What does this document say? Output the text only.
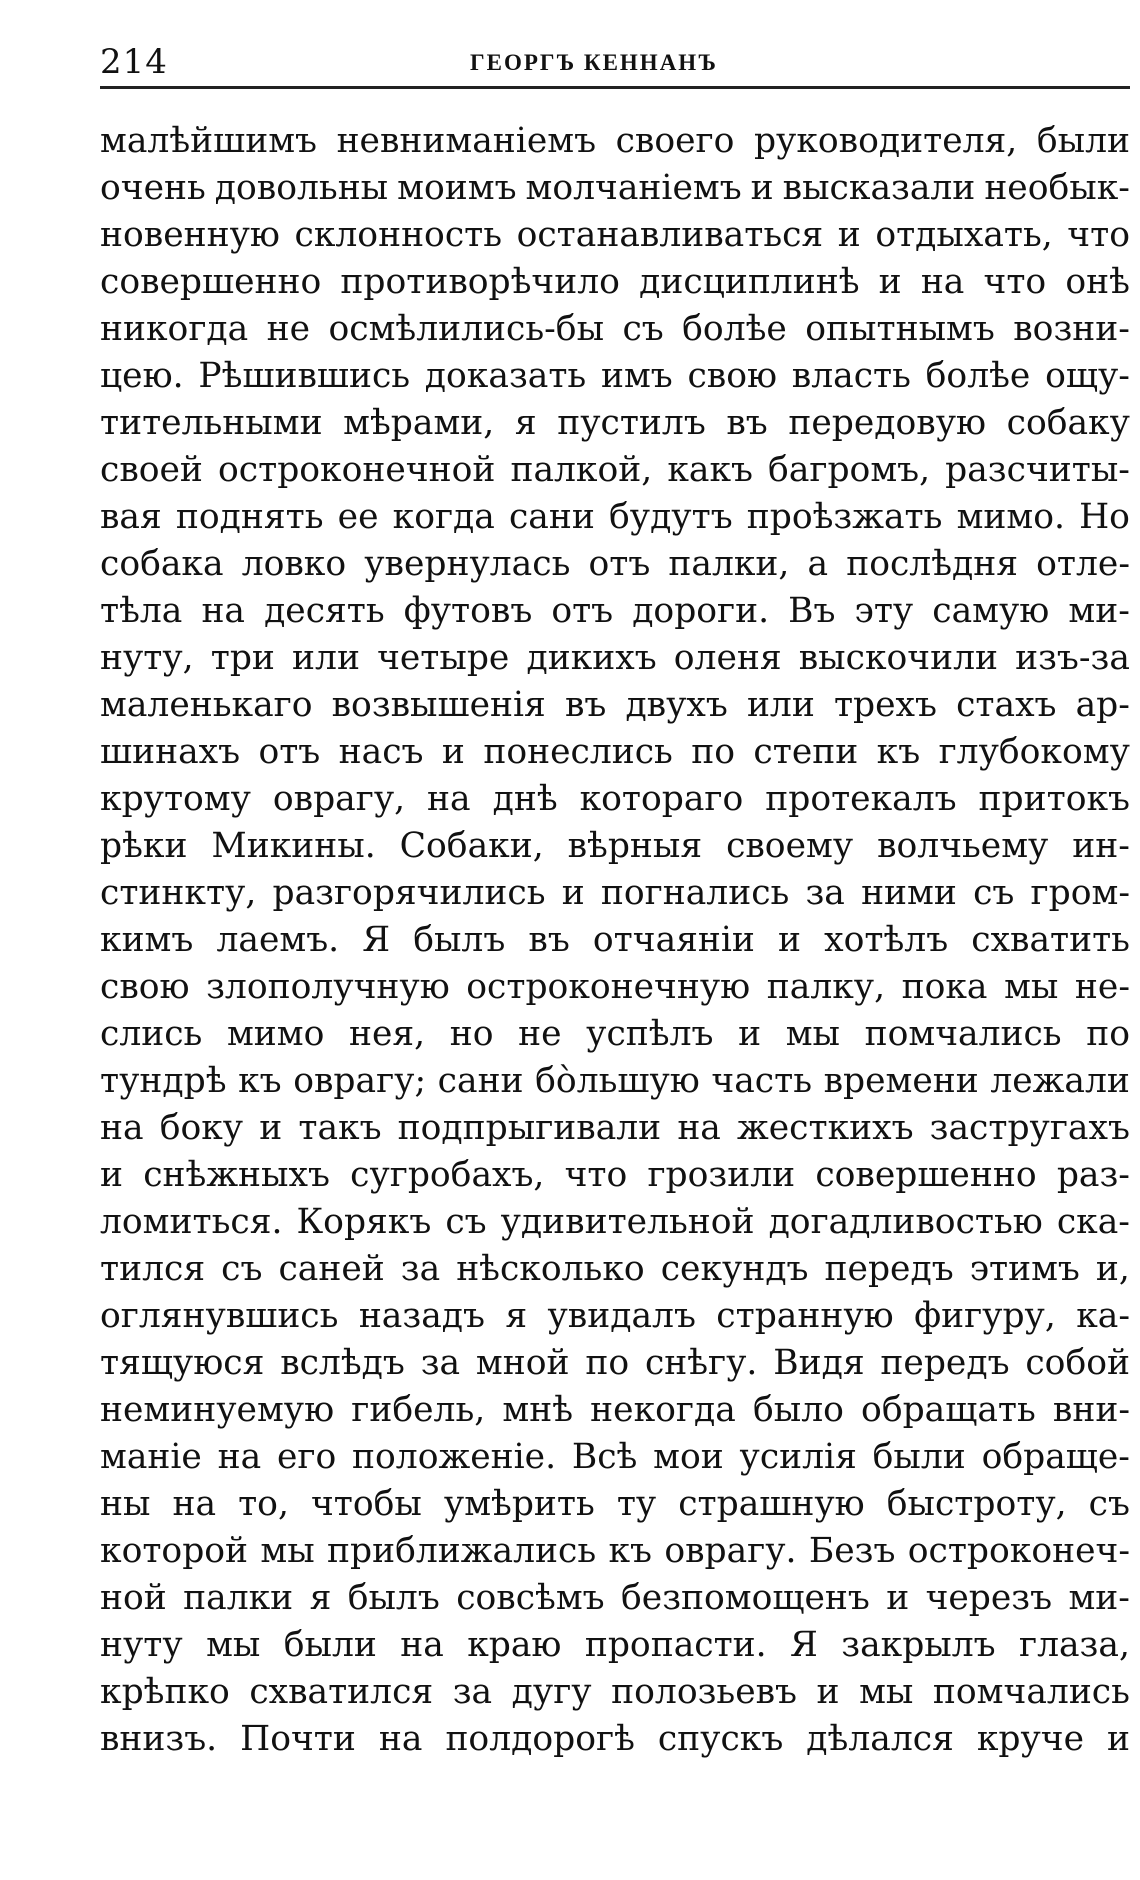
214	ГЕОРГЪ КЕННАНЪ
малѣйшимъ невниманіемъ своего руководителя, были
очень довольны моимъ молчаніемъ и высказали необык-
новенную склонность останавливаться и отдыхать, что
совершенно противорѣчило дисциплинѣ и на что онѣ
никогда не осмѣлились-бы съ болѣе опытнымъ возни-
цею. Рѣшившись доказать имъ свою власть болѣе ощу-
тительными мѣрами, я пустилъ въ передовую собаку
своей остроконечной палкой, какъ багромъ, разсчиты-
вая поднять ее когда сани будутъ проѣзжать мимо. Но
собака ловко увернулась отъ палки, а послѣдня отле-
тѣла на десять футовъ отъ дороги. Въ эту самую ми-
нуту, три или четыре дикихъ оленя выскочили изъ-за
маленькаго возвышенія въ двухъ или трехъ стахъ ар-
шинахъ отъ насъ и понеслись по степи къ глубокому
крутому оврагу, на днѣ котораго протекалъ притокъ
рѣки Микины. Собаки, вѣрныя своему волчьему ин-
стинкту, разгорячились и погнались за ними съ гром-
кимъ лаемъ. Я былъ въ отчаяніи и хотѣлъ схватить
свою злополучную остроконечную палку, пока мы не-
слись мимо нея, но не успѣлъ и мы помчались по
тундрѣ къ оврагу; сани бо̀льшую часть времени лежали
на боку и такъ подпрыгивали на жесткихъ застругахъ
и снѣжныхъ сугробахъ, что грозили совершенно раз-
ломиться. Корякъ съ удивительной догадливостью ска-
тился съ саней за нѣсколько секундъ передъ этимъ и,
оглянувшись назадъ я увидалъ странную фигуру, ка-
тящуюся вслѣдъ за мной по снѣгу. Видя передъ собой
неминуемую гибель, мнѣ некогда было обращать вни-
маніе на его положеніе. Всѣ мои усилія были обраще-
ны на то, чтобы умѣрить ту страшную быстроту, съ
которой мы приближались къ оврагу. Безъ остроконеч-
ной палки я былъ совсѣмъ безпомощенъ и черезъ ми-
нуту мы были на краю пропасти. Я закрылъ глаза,
крѣпко схватился за дугу полозьевъ и мы помчались
внизъ. Почти на полдорогѣ спускъ дѣлался круче и
